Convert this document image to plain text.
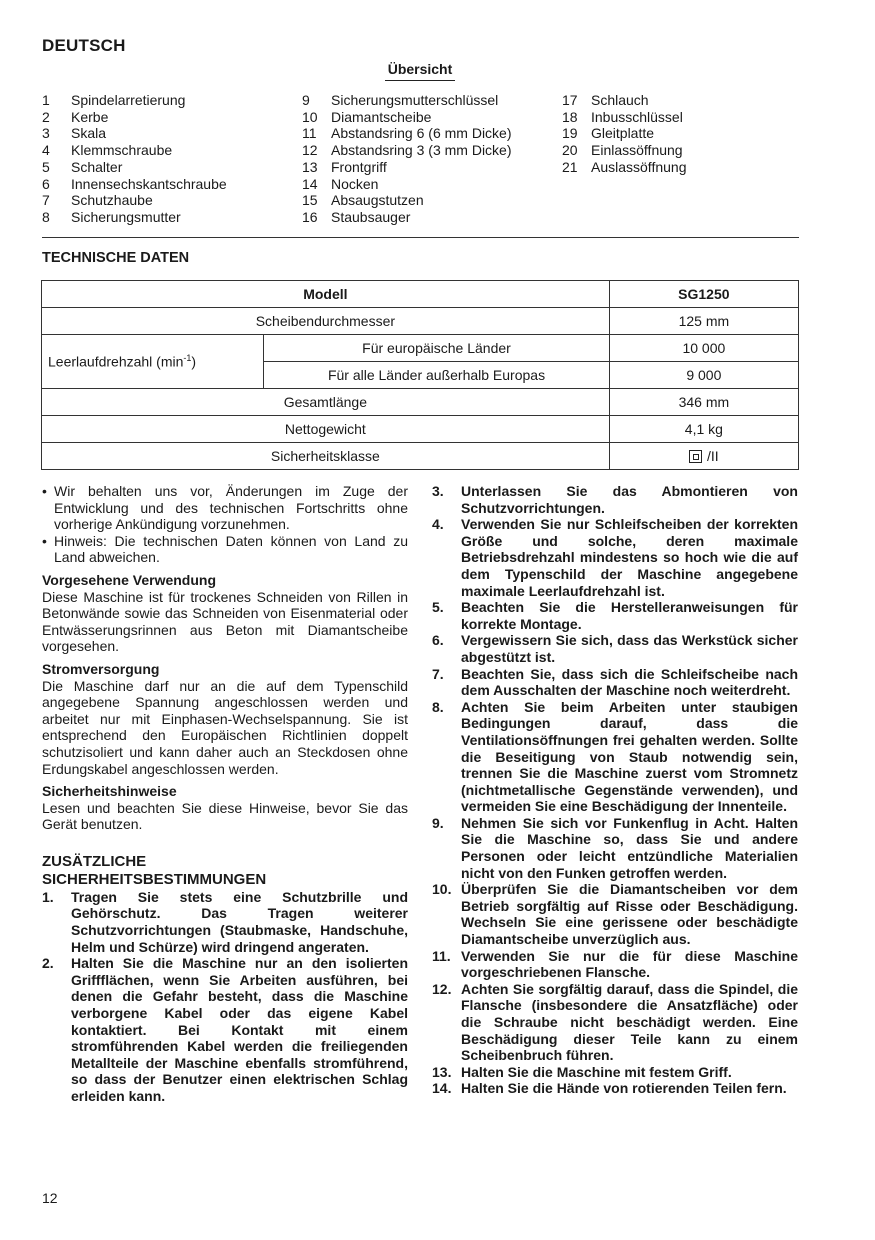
DEUTSCH
Übersicht
1	Spindelarretierung
2	Kerbe
3	Skala
4	Klemmschraube
5	Schalter
6	Innensechskantschraube
7	Schutzhaube
8	Sicherungsmutter
9	Sicherungsmutterschlüssel
10 Diamantscheibe
11	Abstandsring 6 (6 mm Dicke)
12 Abstandsring 3 (3 mm Dicke)
13 Frontgriff
14 Nocken
15 Absaugstutzen
16 Staubsauger
17 Schlauch
18 Inbusschlüssel
19 Gleitplatte
20 Einlassöffnung
21 Auslassöffnung
TECHNISCHE DATEN
Modell		SG1250
Scheibendurchmesser		125 mm
Leerlaufdrehzahl $(\min^{-1})$	Für europäische Länder	10 000
	Für alle Länder außerhalb Europas	9 000
Gesamtlänge		346 mm
Nettogewicht		4,1 kg
Sicherheitsklasse		/II
• Wir behalten uns vor, Änderungen im Zuge der Entwicklung und des technischen Fortschritts ohne vorherige Ankündigung vorzunehmen.
• Hinweis: Die technischen Daten können von Land zu Land abweichen.
Vorgesehene Verwendung

Diese Maschine ist für trockenes Schneiden von Rillen in Betonwände sowie das Schneiden von Eisenmaterial oder Entwässerungsrinnen aus Beton mit Diamantscheibe vorgesehen.

Stromversorgung

Die Maschine darf nur an die auf dem Typenschild angegebene Spannung angeschlossen werden und arbeitet nur mit Einphasen-Wechselspannung. Sie ist entsprechend den Europäischen Richtlinien doppelt schutzisoliert und kann daher auch an Steckdosen ohne Erdungskabel angeschlossen werden.

Sicherheitshinweise

Lesen und beachten Sie diese Hinweise, bevor Sie das Gerät benutzen.

ZUSÄTZLICHE
SICHERHEITSBESTIMMUNGEN
1.	Tragen Sie stets eine Schutzbrille und Gehörschutz. Das Tragen weiterer Schutzvorrichtungen (Staubmaske, Handschuhe, Helm und Schürze) wird dringend angeraten.
2.	Halten Sie die Maschine nur an den isolierten Griffflächen, wenn Sie Arbeiten ausführen, bei denen die Gefahr besteht, dass die Maschine verborgene Kabel oder das eigene Kabel kontaktiert. Bei Kontakt mit einem stromführenden Kabel werden die freiliegenden Metallteile der Maschine ebenfalls stromführend, so dass der Benutzer einen elektrischen Schlag erleiden kann.
3.	Unterlassen Sie das Abmontieren von Schutzvorrichtungen.
4.	Verwenden Sie nur Schleifscheiben der korrekten Größe und solche, deren maximale Betriebsdrehzahl mindestens so hoch wie die auf dem Typenschild der Maschine angegebene maximale Leerlaufdrehzahl ist.
5.	Beachten Sie die Herstelleranweisungen für korrekte Montage.
6.	Vergewissern Sie sich, dass das Werkstück sicher abgestützt ist.
7.	Beachten Sie, dass sich die Schleifscheibe nach dem Ausschalten der Maschine noch weiterdreht.
8.	Achten Sie beim Arbeiten unter staubigen Bedingungen darauf, dass die Ventilationsöffnungen frei gehalten werden. Sollte die Beseitigung von Staub notwendig sein, trennen Sie die Maschine zuerst vom Stromnetz (nichtmetallische Gegenstände verwenden), und vermeiden Sie eine Beschädigung der Innenteile.
9.	Nehmen Sie sich vor Funkenflug in Acht. Halten Sie die Maschine so, dass Sie und andere Personen oder leicht entzündliche Materialien nicht von den Funken getroffen werden.
10. Überprüfen Sie die Diamantscheiben vor dem Betrieb sorgfältig auf Risse oder Beschädigung. Wechseln Sie eine gerissene oder beschädigte Diamantscheibe unverzüglich aus.
11. Verwenden Sie nur die für diese Maschine vorgeschriebenen Flansche.
12. Achten Sie sorgfältig darauf, dass die Spindel, die Flansche (insbesondere die Ansatzfläche) oder die Schraube nicht beschädigt werden. Eine Beschädigung dieser Teile kann zu einem Scheibenbruch führen.
13. Halten Sie die Maschine mit festem Griff.
14. Halten Sie die Hände von rotierenden Teilen fern.
12
